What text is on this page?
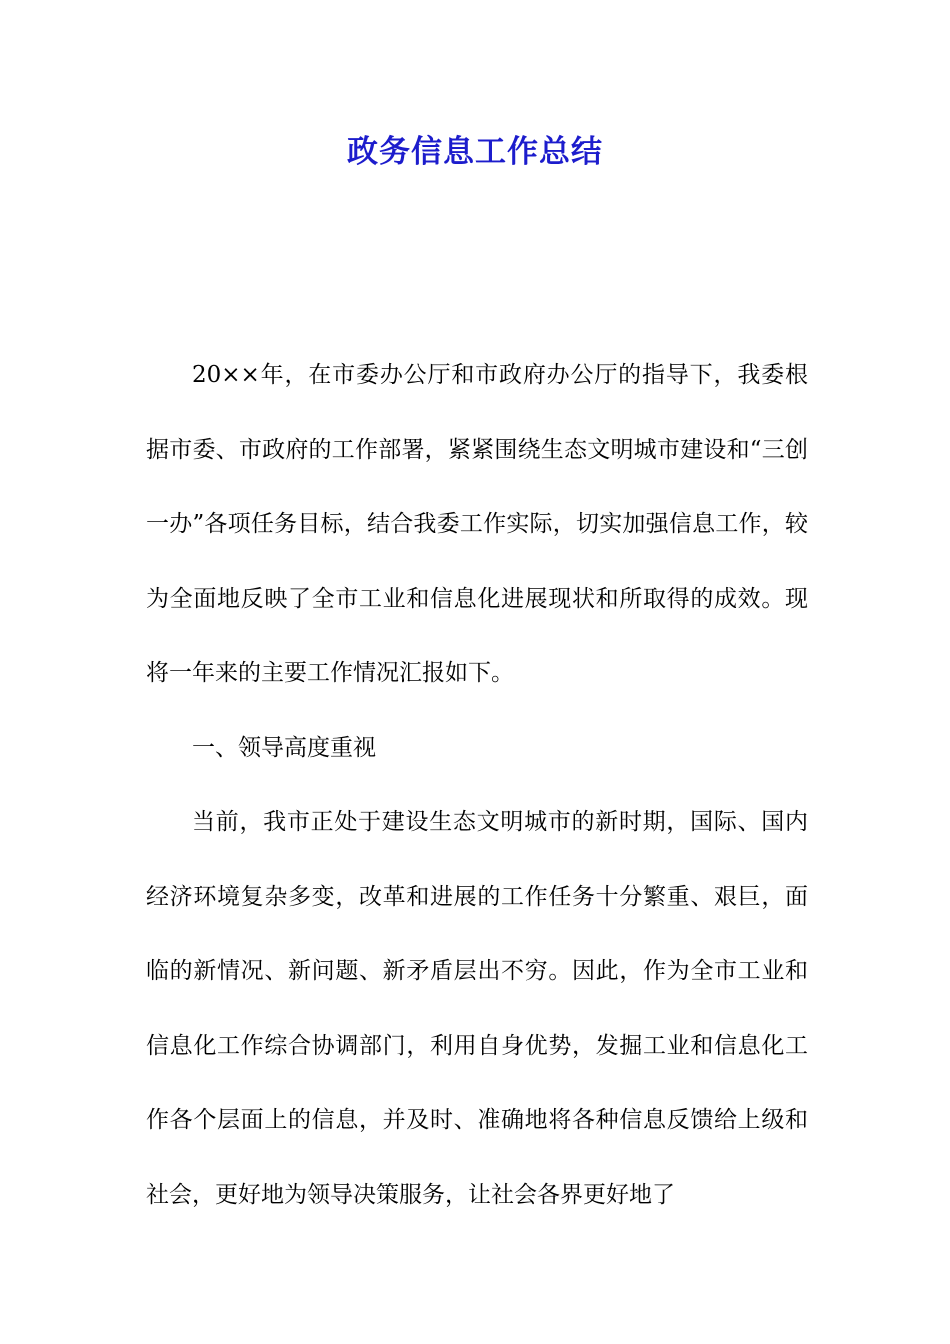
政务信息工作总结

20××年，在市委办公厅和市政府办公厅的指导下，我委根据市委、市政府的工作部署，紧紧围绕生态文明城市建设和“三创一办”各项任务目标，结合我委工作实际，切实加强信息工作，较为全面地反映了全市工业和信息化进展现状和所取得的成效。现将一年来的主要工作情况汇报如下。

一、领导高度重视

当前，我市正处于建设生态文明城市的新时期，国际、国内经济环境复杂多变，改革和进展的工作任务十分繁重、艰巨，面临的新情况、新问题、新矛盾层出不穷。因此，作为全市工业和信息化工作综合协调部门，利用自身优势，发掘工业和信息化工作各个层面上的信息，并及时、准确地将各种信息反馈给上级和社会，更好地为领导决策服务，让社会各界更好地了
